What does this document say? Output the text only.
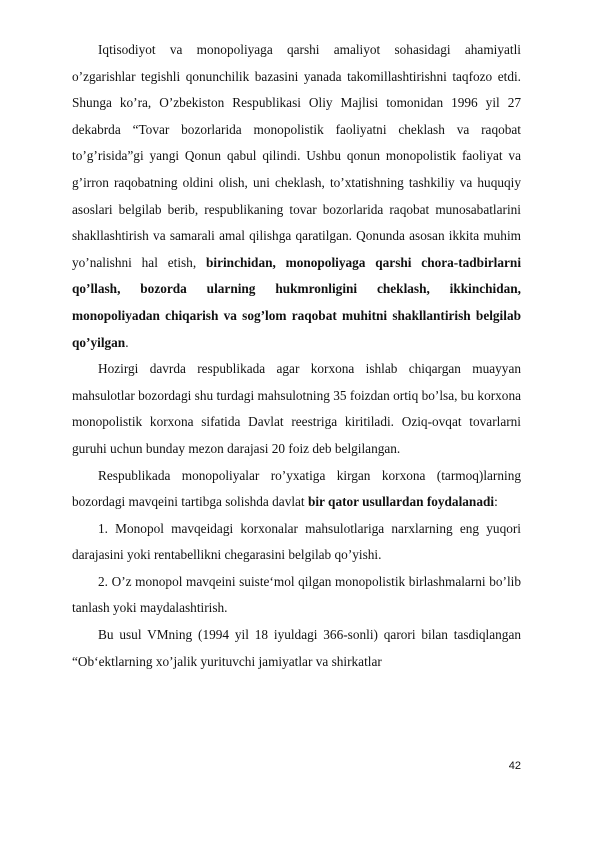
Iqtisodiyot va monopoliyaga qarshi amaliyot sohasidagi ahamiyatli o’zgarishlar tegishli qonunchilik bazasini yanada takomillashtirishni taqfozo etdi. Shunga ko’ra, O’zbekiston Respublikasi Oliy Majlisi tomonidan 1996 yil 27 dekabrda “Tovar bozorlarida monopolistik faoliyatni cheklash va raqobat to’g’risida”gi yangi Qonun qabul qilindi. Ushbu qonun monopolistik faoliyat va g’irron raqobatning oldini olish, uni cheklash, to’xtatishning tashkiliy va huquqiy asoslari belgilab berib, respublikaning tovar bozorlarida raqobat munosabatlarini shakllashtirish va samarali amal qilishga qaratilgan. Qonunda asosan ikkita muhim yo’nalishni hal etish, birinchidan, monopoliyaga qarshi chora-tadbirlarni qo’llash, bozorda ularning hukmronligini cheklash, ikkinchidan, monopoliyadan chiqarish va sog’lom raqobat muhitni shakllantirish belgilab qo’yilgan.

Hozirgi davrda respublikada agar korxona ishlab chiqargan muayyan mahsulotlar bozordagi shu turdagi mahsulotning 35 foizdan ortiq bo’lsa, bu korxona monopolistik korxona sifatida Davlat reestriga kiritiladi. Oziq-ovqat tovarlarni guruhi uchun bunday mezon darajasi 20 foiz deb belgilangan.

Respublikada monopoliyalar ro’yxatiga kirgan korxona (tarmoq)larning bozordagi mavqeini tartibga solishda davlat bir qator usullardan foydalanadi:

1. Monopol mavqeidagi korxonalar mahsulotlariga narxlarning eng yuqori darajasini yoki rentabellikni chegarasini belgilab qo’yishi.

2. O’z monopol mavqeini suiste‘mol qilgan monopolistik birlashmalarni bo’lib tanlash yoki maydalashtirish.

Bu usul VMning (1994 yil 18 iyuldagi 366-sonli) qarori bilan tasdiqlangan “Ob‘ektlarning xo’jalik yurituvchi jamiyatlar va shirkatlar

42
